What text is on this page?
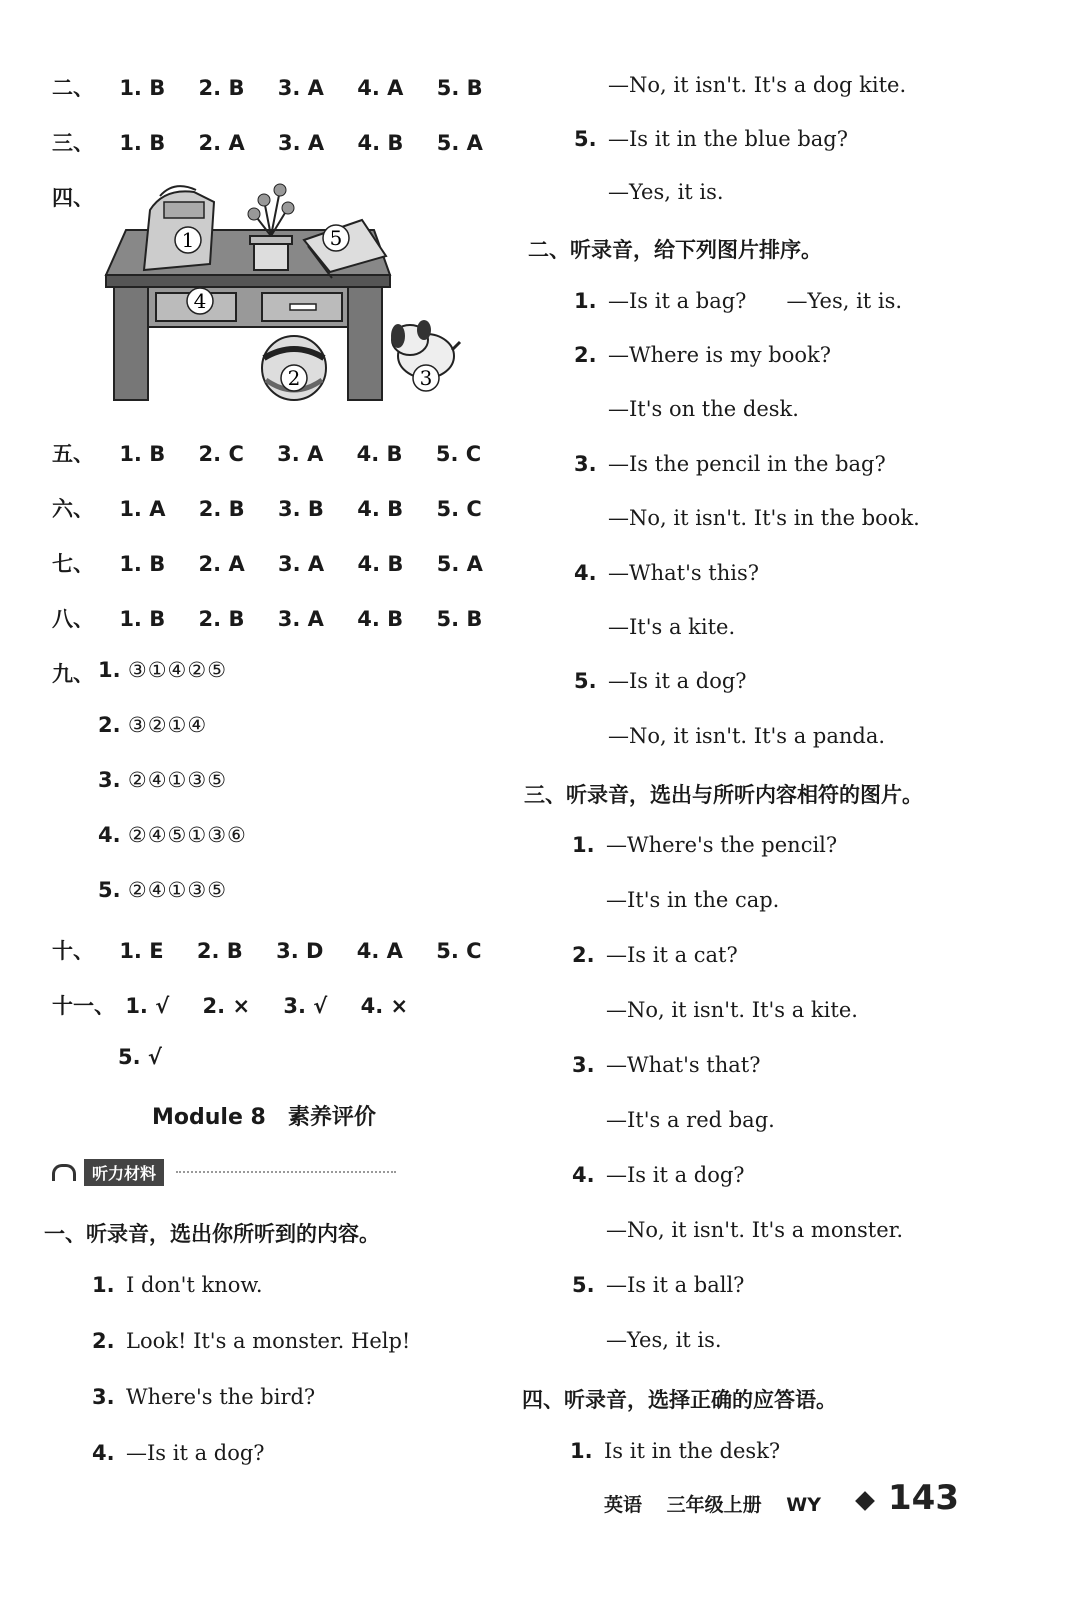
二、 1. B 2. B 3. A 4. A 5. B
三、 1. B 2. A 3. A 4. B 5. A
四、
1
2	3
4
5
五、 1. B 2. C 3. A 4. B 5. C
六、 1. A 2. B 3. B 4. B 5. C
七、 1. B 2. A 3. A 4. B 5. A
八、 1. B 2. B 3. A 4. B 5. B
九、 1. ③①④②⑤
2. ③②①④
3. ②④①③⑤
4. ②④⑤①③⑥
5. ②④①③⑤
十、 1. E 2. B 3. D 4. A 5. C
十一、 1. √ 2. × 3. √ 4. ×
5. √
Module 8 素养评价
听力材料
一、听录音，选出你所听到的内容。
1. I don't know.
2. Look! It's a monster. Help!
3. Where's the bird?
4. —Is it a dog?
—No, it isn't. It's a dog kite.
5. —Is it in the blue bag?
—Yes, it is.
二、听录音，给下列图片排序。
1. —Is it a bag?      —Yes, it is.
2. —Where is my book?
—It's on the desk.
3. —Is the pencil in the bag?
—No, it isn't. It's in the book.
4. —What's this?
—It's a kite.
5. —Is it a dog?
—No, it isn't. It's a panda.
三、听录音，选出与所听内容相符的图片。
1. —Where's the pencil?
—It's in the cap.
2. —Is it a cat?
—No, it isn't. It's a kite.
3. —What's that?
—It's a red bag.
4. —Is it a dog?
—No, it isn't. It's a monster.
5. —Is it a ball?
—Yes, it is.
四、听录音，选择正确的应答语。
1. Is it in the desk?
英语 三年级上册 WY	143
